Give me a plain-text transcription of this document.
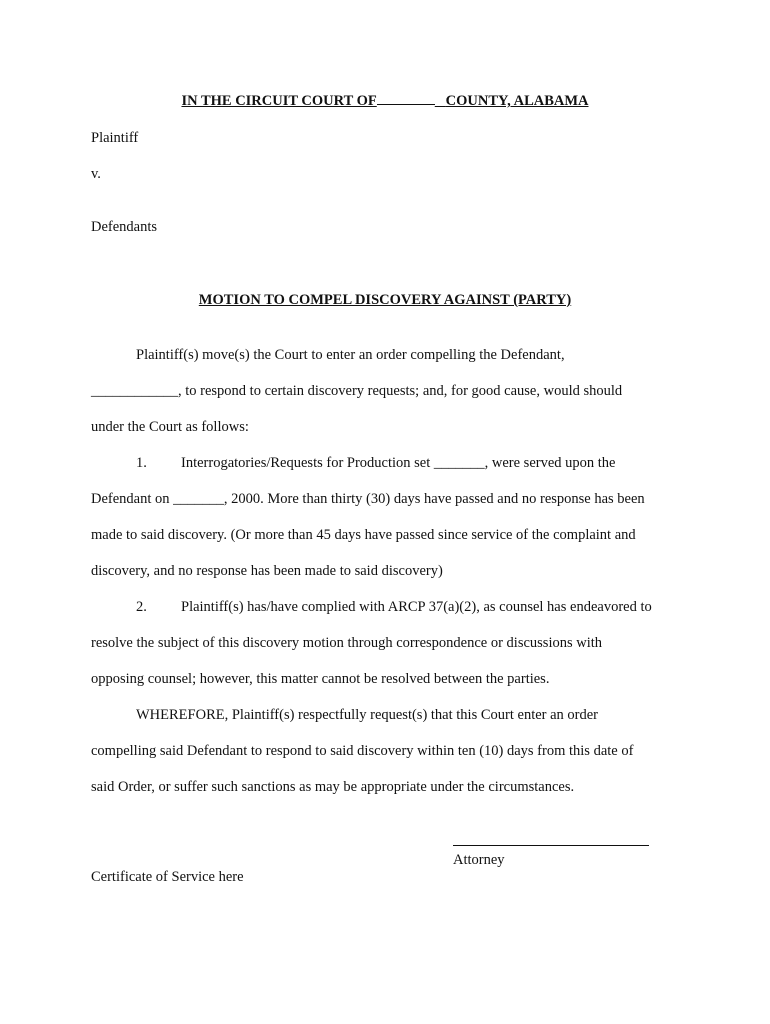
IN THE CIRCUIT COURT OF	COUNTY, ALABAMA
Plaintiff
v.
Defendants
MOTION TO COMPEL DISCOVERY AGAINST (PARTY)
Plaintiff(s) move(s) the Court to enter an order compelling the Defendant,
____________, to respond to certain discovery requests; and, for good cause, would should
under the Court as follows:
1. Interrogatories/Requests for Production set _______, were served upon the
Defendant on _______, 2000. More than thirty (30) days have passed and no response has been
made to said discovery. (Or more than 45 days have passed since service of the complaint and
discovery, and no response has been made to said discovery)
2. Plaintiff(s) has/have complied with ARCP 37(a)(2), as counsel has endeavored to
resolve the subject of this discovery motion through correspondence or discussions with
opposing counsel; however, this matter cannot be resolved between the parties.
WHEREFORE, Plaintiff(s) respectfully request(s) that this Court enter an order
compelling said Defendant to respond to said discovery within ten (10) days from this date of
said Order, or suffer such sanctions as may be appropriate under the circumstances.
Attorney
Certificate of Service here
